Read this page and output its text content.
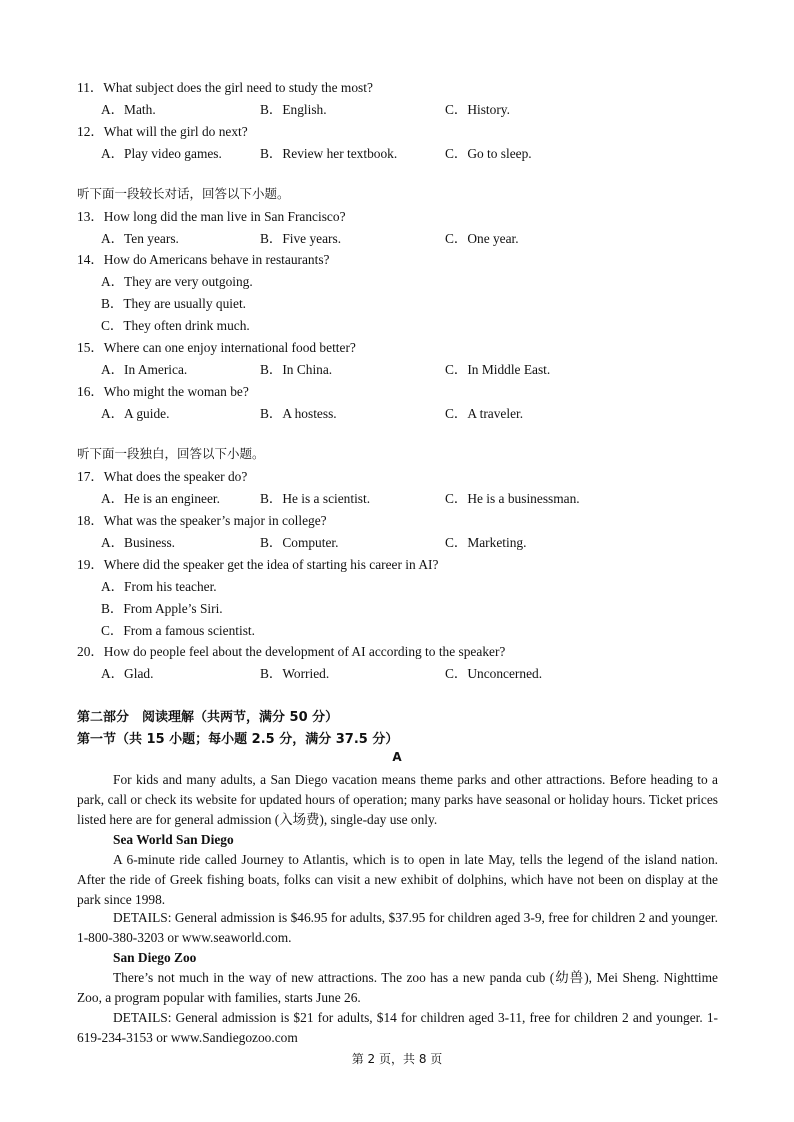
11．What subject does the girl need to study the most?
A．Math.	B．English.	C．History.
12．What will the girl do next?
A．Play video games.	B．Review her textbook.	C．Go to sleep.
听下面一段较长对话，回答以下小题。
13．How long did the man live in San Francisco?
A．Ten years.	B．Five years.	C．One year.
14．How do Americans behave in restaurants?
A．They are very outgoing.
B．They are usually quiet.
C．They often drink much.
15．Where can one enjoy international food better?
A．In America.	B．In China.	C．In Middle East.
16．Who might the woman be?
A．A guide.	B．A hostess.	C．A traveler.
听下面一段独白，回答以下小题。
17．What does the speaker do?
A．He is an engineer.	B．He is a scientist.	C．He is a businessman.
18．What was the speaker’s major in college?
A．Business.	B．Computer.	C．Marketing.
19．Where did the speaker get the idea of starting his career in AI?
A．From his teacher.
B．From Apple’s Siri.
C．From a famous scientist.
20．How do people feel about the development of AI according to the speaker?
A．Glad.	B．Worried.	C．Unconcerned.
第二部分　阅读理解（共两节，满分 50 分）
第一节（共 15 小题；每小题 2.5 分，满分 37.5 分）
A

For kids and many adults, a San Diego vacation means theme parks and other attractions. Before heading to a park, call or check its website for updated hours of operation; many parks have seasonal or holiday hours. Ticket prices listed here are for general admission (入场费), single-day use only.

Sea World San Diego

A 6-minute ride called Journey to Atlantis, which is to open in late May, tells the legend of the island nation. After the ride of Greek fishing boats, folks can visit a new exhibit of dolphins, which have not been on display at the park since 1998.

DETAILS: General admission is $46.95 for adults, $37.95 for children aged 3-9, free for children 2 and younger. 1-800-380-3203 or www.seaworld.com.

San Diego Zoo

There’s not much in the way of new attractions. The zoo has a new panda cub (幼兽), Mei Sheng. Nighttime Zoo, a program popular with families, starts June 26.

DETAILS: General admission is $21 for adults, $14 for children aged 3-11, free for children 2 and younger. 1-619-234-3153 or www.Sandiegozoo.com

第 2 页，共 8 页
